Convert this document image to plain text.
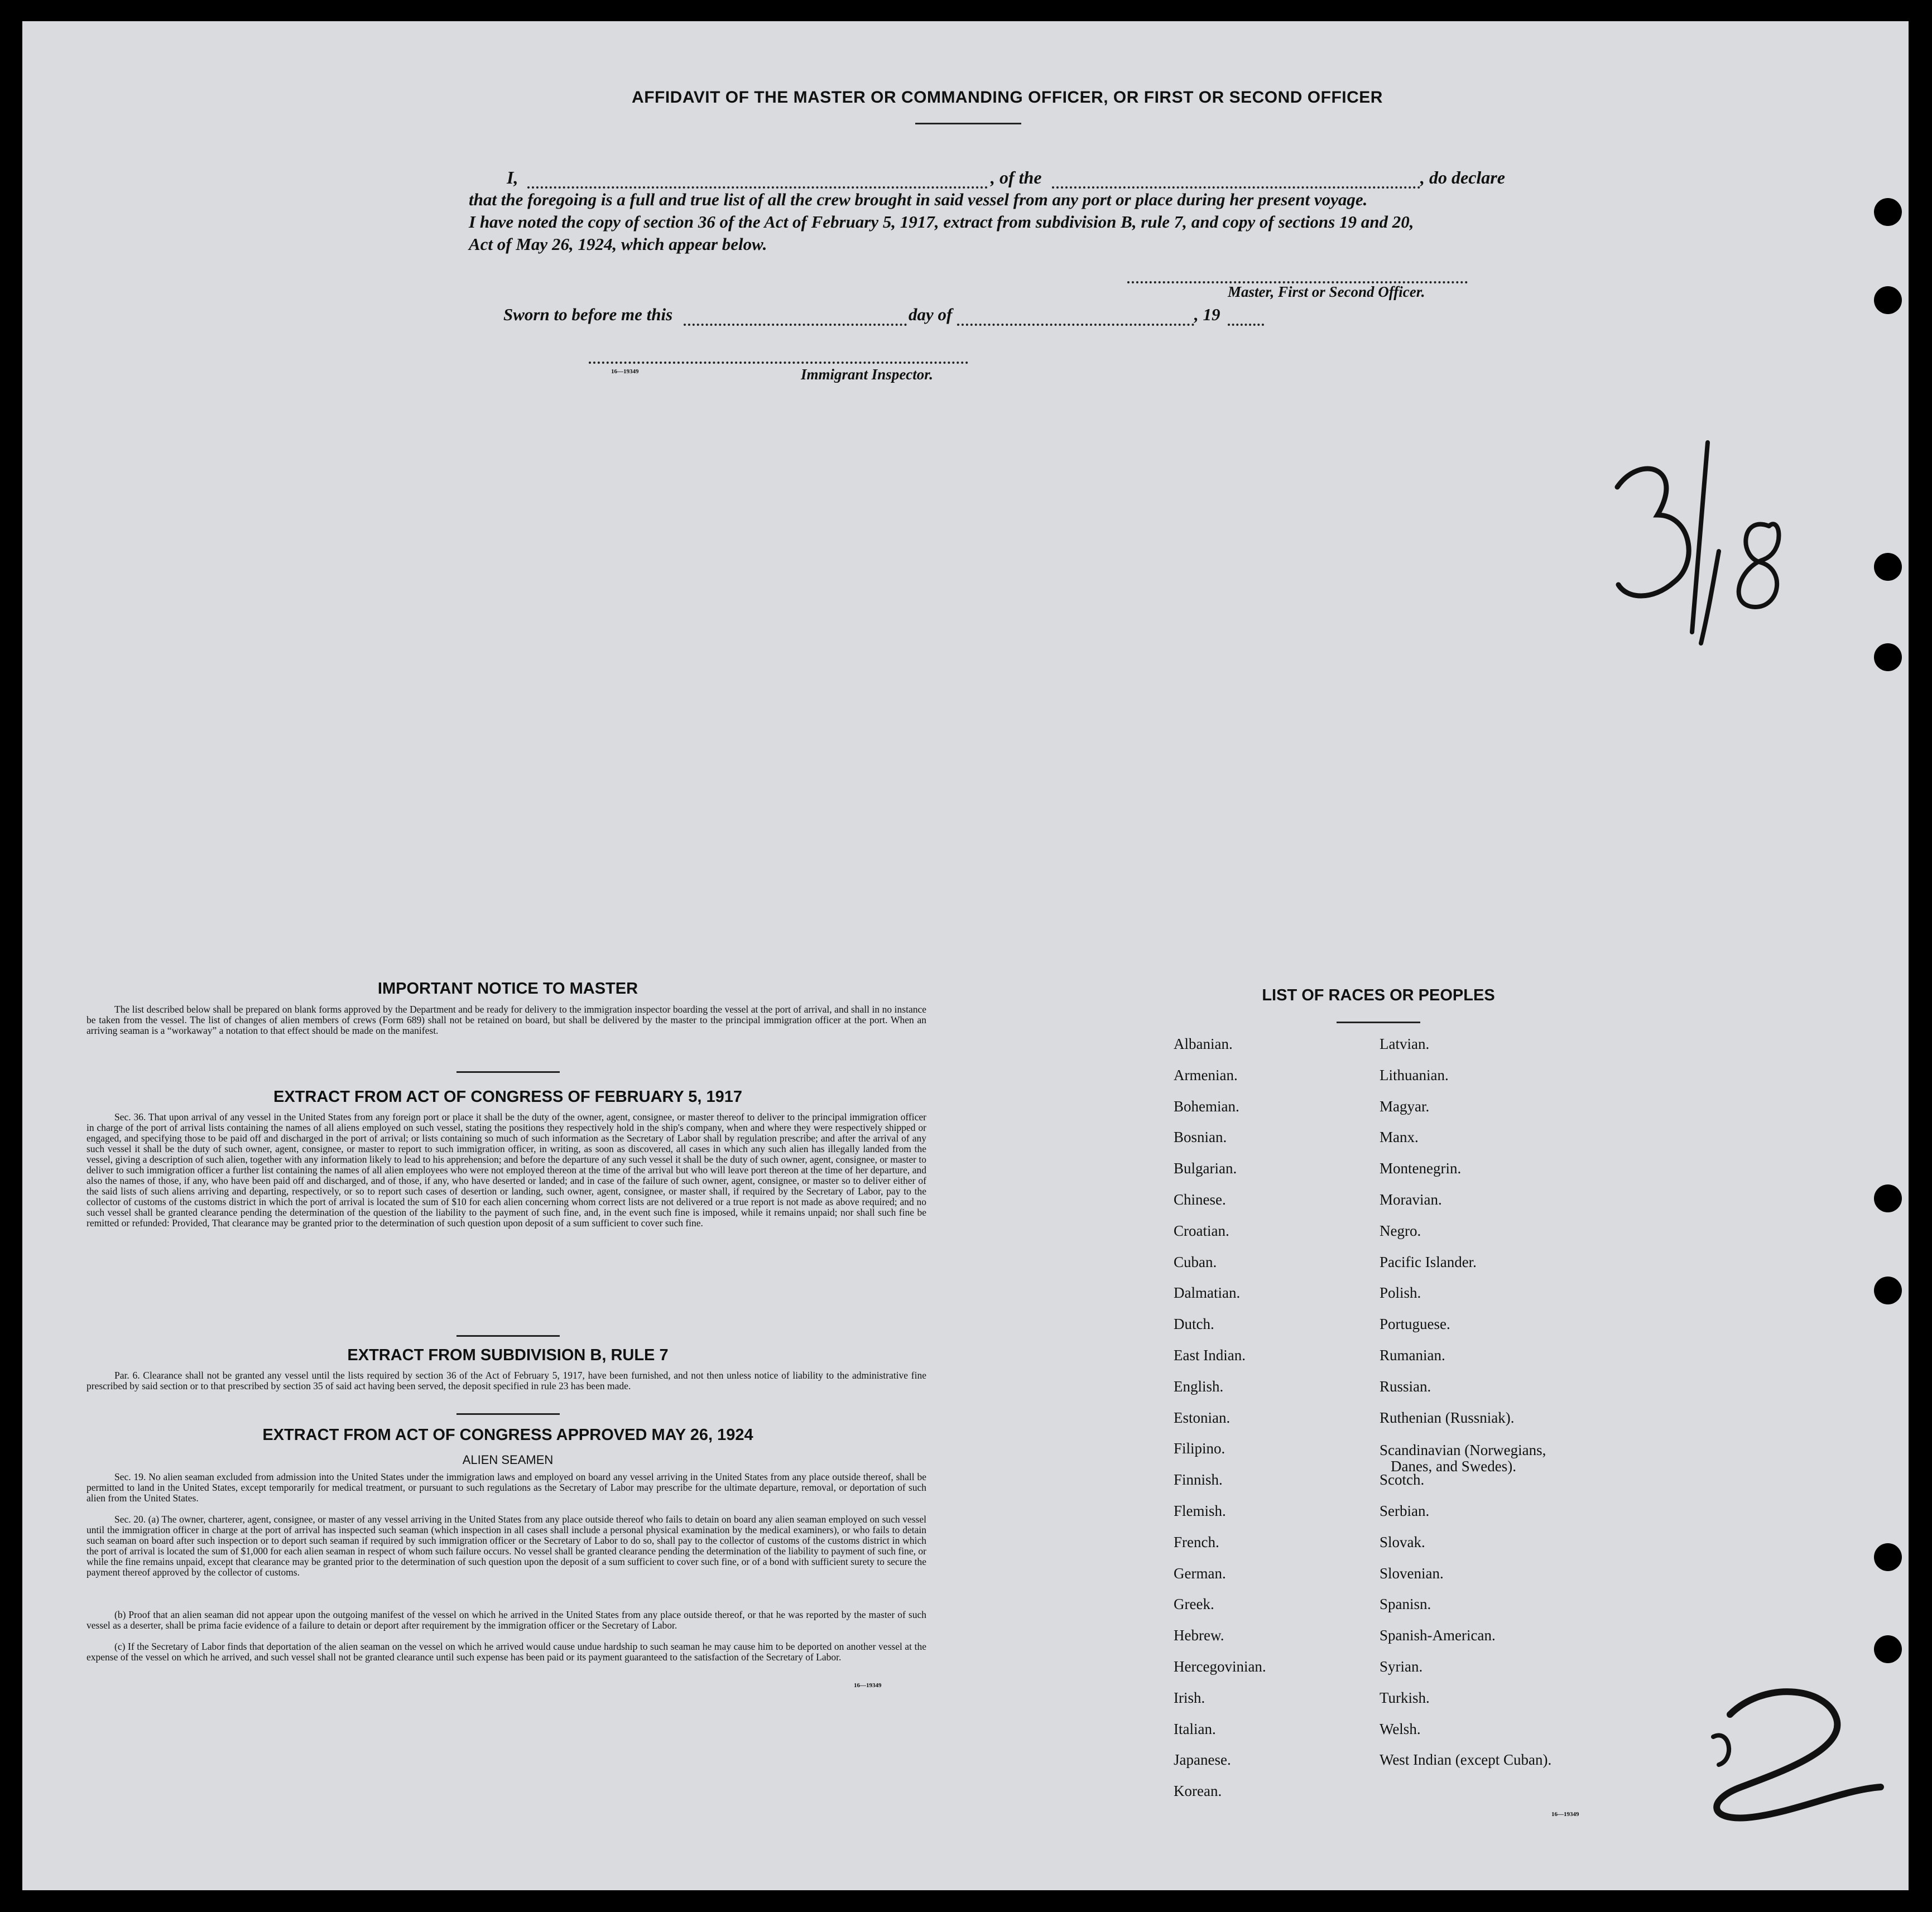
AFFIDAVIT OF THE MASTER OR COMMANDING OFFICER, OR FIRST OR SECOND OFFICER
I,	, of the	, do declare
that the foregoing is a full and true list of all the crew brought in said vessel from any port or place during her present voyage.
I have noted the copy of section 36 of the Act of February 5, 1917, extract from subdivision B, rule 7, and copy of sections 19 and 20,
Act of May 26, 1924, which appear below.
Master, First or Second Officer.
Sworn to before me this	day of	, 19
16—19349	Immigrant Inspector.
IMPORTANT NOTICE TO MASTER
The list described below shall be prepared on blank forms approved by the Department and be ready for delivery to the immigration inspector boarding the vessel at the port of arrival, and shall in no instance be taken from the vessel. The list of changes of alien members of crews (Form 689) shall not be retained on board, but shall be delivered by the master to the principal immigration officer at the port. When an arriving seaman is a “workaway” a notation to that effect should be made on the manifest.
EXTRACT FROM ACT OF CONGRESS OF FEBRUARY 5, 1917
Sec. 36. That upon arrival of any vessel in the United States from any foreign port or place it shall be the duty of the owner, agent, consignee, or master thereof to deliver to the principal immigration officer in charge of the port of arrival lists containing the names of all aliens employed on such vessel, stating the positions they respectively hold in the ship's company, when and where they were respectively shipped or engaged, and specifying those to be paid off and discharged in the port of arrival; or lists containing so much of such information as the Secretary of Labor shall by regulation prescribe; and after the arrival of any such vessel it shall be the duty of such owner, agent, consignee, or master to report to such immigration officer, in writing, as soon as discovered, all cases in which any such alien has illegally landed from the vessel, giving a description of such alien, together with any information likely to lead to his apprehension; and before the departure of any such vessel it shall be the duty of such owner, agent, consignee, or master to deliver to such immigration officer a further list containing the names of all alien employees who were not employed thereon at the time of the arrival but who will leave port thereon at the time of her departure, and also the names of those, if any, who have been paid off and discharged, and of those, if any, who have deserted or landed; and in case of the failure of such owner, agent, consignee, or master so to deliver either of the said lists of such aliens arriving and departing, respectively, or so to report such cases of desertion or landing, such owner, agent, consignee, or master shall, if required by the Secretary of Labor, pay to the collector of customs of the customs district in which the port of arrival is located the sum of $10 for each alien concerning whom correct lists are not delivered or a true report is not made as above required; and no such vessel shall be granted clearance pending the determination of the question of the liability to the payment of such fine, and, in the event such fine is imposed, while it remains unpaid; nor shall such fine be remitted or refunded: Provided, That clearance may be granted prior to the determination of such question upon deposit of a sum sufficient to cover such fine.
EXTRACT FROM SUBDIVISION B, RULE 7
Par. 6. Clearance shall not be granted any vessel until the lists required by section 36 of the Act of February 5, 1917, have been furnished, and not then unless notice of liability to the administrative fine prescribed by said section or to that prescribed by section 35 of said act having been served, the deposit specified in rule 23 has been made.
EXTRACT FROM ACT OF CONGRESS APPROVED MAY 26, 1924
ALIEN SEAMEN
Sec. 19. No alien seaman excluded from admission into the United States under the immigration laws and employed on board any vessel arriving in the United States from any place outside thereof, shall be permitted to land in the United States, except temporarily for medical treatment, or pursuant to such regulations as the Secretary of Labor may prescribe for the ultimate departure, removal, or deportation of such alien from the United States.
Sec. 20. (a) The owner, charterer, agent, consignee, or master of any vessel arriving in the United States from any place outside thereof who fails to detain on board any alien seaman employed on such vessel until the immigration officer in charge at the port of arrival has inspected such seaman (which inspection in all cases shall include a personal physical examination by the medical examiners), or who fails to detain such seaman on board after such inspection or to deport such seaman if required by such immigration officer or the Secretary of Labor to do so, shall pay to the collector of customs of the customs district in which the port of arrival is located the sum of $1,000 for each alien seaman in respect of whom such failure occurs. No vessel shall be granted clearance pending the determination of the liability to payment of such fine, or while the fine remains unpaid, except that clearance may be granted prior to the determination of such question upon the deposit of a sum sufficient to cover such fine, or of a bond with sufficient surety to secure the payment thereof approved by the collector of customs.
(b) Proof that an alien seaman did not appear upon the outgoing manifest of the vessel on which he arrived in the United States from any place outside thereof, or that he was reported by the master of such vessel as a deserter, shall be prima facie evidence of a failure to detain or deport after requirement by the immigration officer or the Secretary of Labor.
(c) If the Secretary of Labor finds that deportation of the alien seaman on the vessel on which he arrived would cause undue hardship to such seaman he may cause him to be deported on another vessel at the expense of the vessel on which he arrived, and such vessel shall not be granted clearance until such expense has been paid or its payment guaranteed to the satisfaction of the Secretary of Labor.
16—19349
LIST OF RACES OR PEOPLES
Albanian.
Armenian.
Bohemian.
Bosnian.
Bulgarian.
Chinese.
Croatian.
Cuban.
Dalmatian.
Dutch.
East Indian.
English.
Estonian.
Filipino.
Finnish.
Flemish.
French.
German.
Greek.
Hebrew.
Hercegovinian.
Irish.
Italian.
Japanese.
Korean.
Latvian.
Lithuanian.
Magyar.
Manx.
Montenegrin.
Moravian.
Negro.
Pacific Islander.
Polish.
Portuguese.
Rumanian.
Russian.
Ruthenian (Russniak).
Scandinavian (Norwegians,
Danes, and Swedes).
Scotch.
Serbian.
Slovak.
Slovenian.
Spanisn.
Spanish-American.
Syrian.
Turkish.
Welsh.
West Indian (except Cuban).
16—19349
